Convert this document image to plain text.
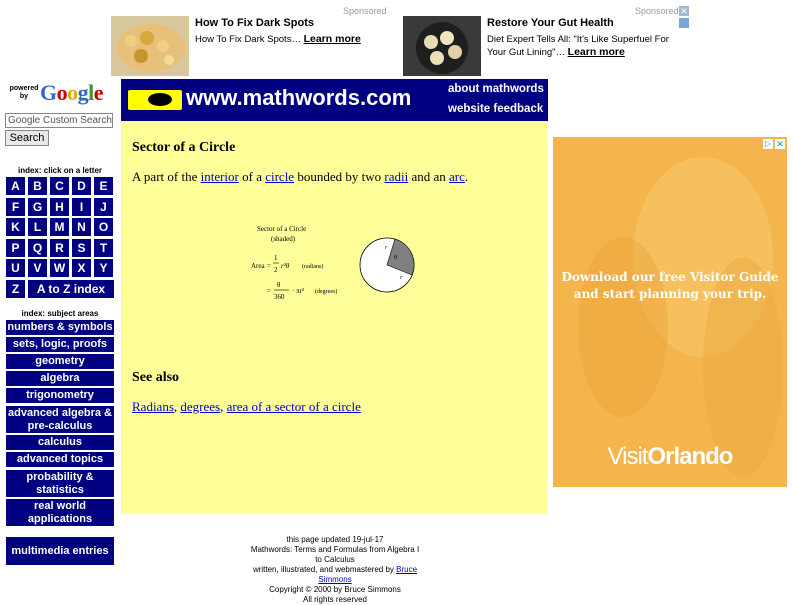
Sponsored
How To Fix Dark Spots
How To Fix Dark Spots… Learn more
Sponsored
Restore Your Gut Health
Diet Expert Tells All: "It's Like Superfuel For Your Gut Lining"… Learn more
✕
powered by Google
Google Custom Search
Search
index: click on a letter
A	B	C	D	E
F	G	H	I	J
K	L	M	N	O
P	Q	R	S	T
U	V	W	X	Y
Z	A to Z index
index: subject areas
numbers & symbols
sets, logic, proofs
geometry
algebra
trigonometry
advanced algebra & pre-calculus
calculus
advanced topics
probability & statistics
real world applications
multimedia entries
www.mathwords.com	about mathwords
website feedback
Sector of a Circle
A part of the interior of a circle bounded by two radii and an arc.
Sector of a Circle
(shaded)
Area =
1
2 r²θ (radians)
=
θ
360
· πr² (degrees)
r
r
θ
See also
Radians, degrees, area of a sector of a circle
▷ ✕
Download our free Visitor Guide
and start planning your trip.
VisitOrlando
this page updated 19-jul-17
Mathwords: Terms and Formulas from Algebra I to Calculus
written, illustrated, and webmastered by Bruce Simmons
Copyright © 2000 by Bruce Simmons
All rights reserved
